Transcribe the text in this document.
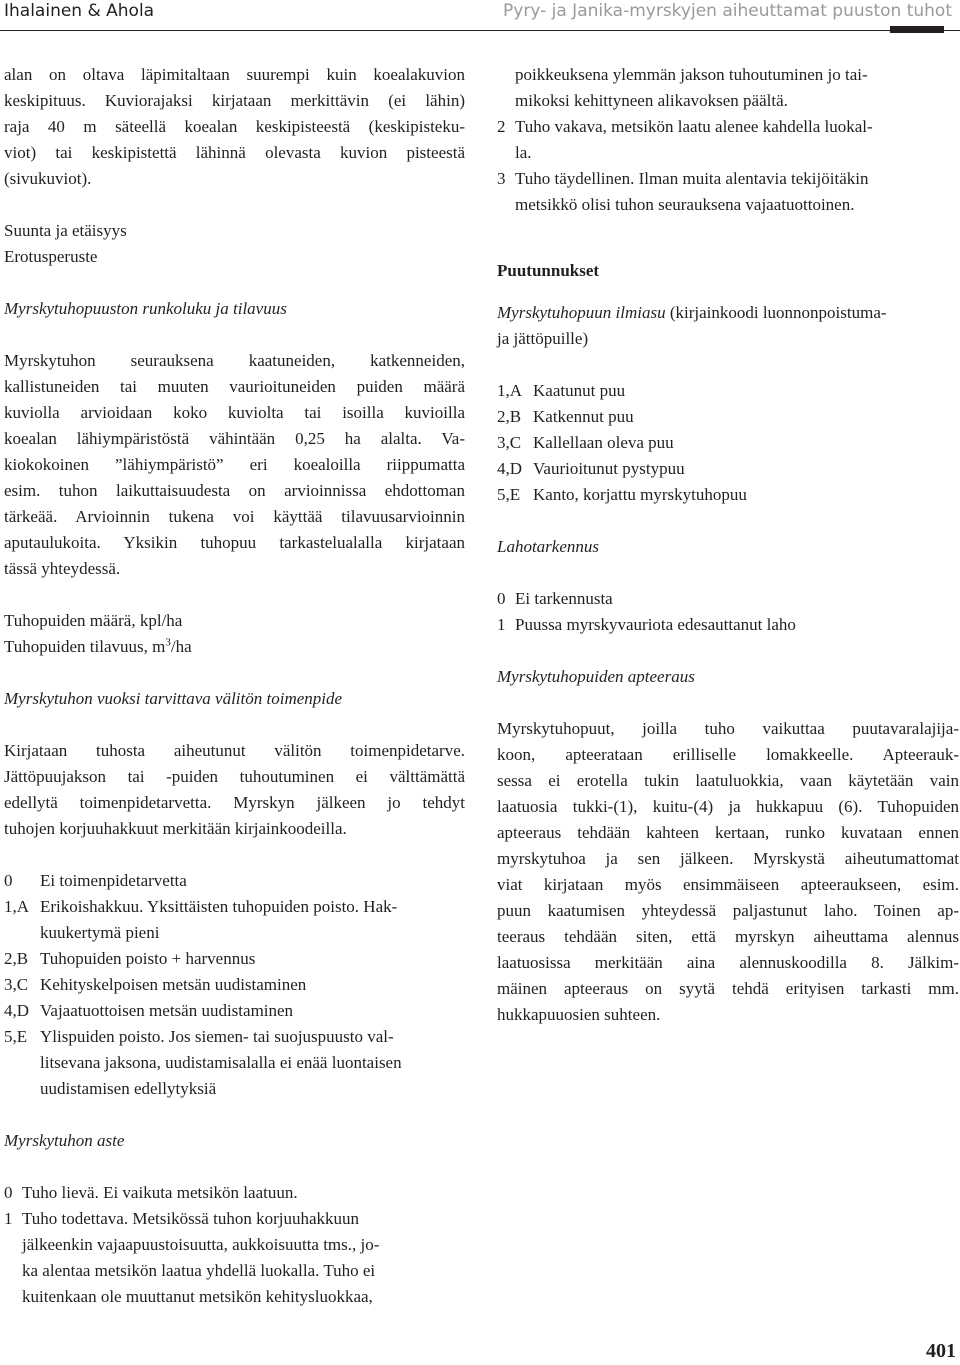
Ihalainen & Ahola	Pyry- ja Janika-myrskyjen aiheuttamat puuston tuhot

alan on oltava läpimitaltaan suurempi kuin koealakuvion

keskipituus. Kuviorajaksi kirjataan merkittävin (ei lähin)

raja 40 m säteellä koealan keskipisteestä (keskipisteku-

viot) tai keskipistettä lähinnä olevasta kuvion pisteestä

(sivukuviot).

Suunta ja etäisyys

Erotusperuste

Myrskytuhopuuston runkoluku ja tilavuus

Myrskytuhon seurauksena kaatuneiden, katkenneiden,

kallistuneiden tai muuten vaurioituneiden puiden määrä

kuviolla arvioidaan koko kuviolta tai isoilla kuvioilla

koealan lähiympäristöstä vähintään 0,25 ha alalta. Va-

kiokokoinen ”lähiympäristö” eri koealoilla riippumatta

esim. tuhon laikuttaisuudesta on arvioinnissa ehdottoman

tärkeää. Arvioinnin tukena voi käyttää tilavuusarvioinnin

aputaulukoita. Yksikin tuhopuu tarkastelualalla kirjataan

tässä yhteydessä.

Tuhopuiden määrä, kpl/ha

Tuhopuiden tilavuus, $m^3/ha$

Myrskytuhon vuoksi tarvittava välitön toimenpide

Kirjataan tuhosta aiheutunut välitön toimenpidetarve.

Jättöpuujakson tai -puiden tuhoutuminen ei välttämättä

edellytä toimenpidetarvetta. Myrskyn jälkeen jo tehdyt

tuhojen korjuuhakkuut merkitään kirjainkoodeilla.

0 Ei toimenpidetarvetta

1,A Erikoishakkuu. Yksittäisten tuhopuiden poisto. Hak-
kuukertymä pieni

2,B Tuhopuiden poisto + harvennus

3,C Kehityskelpoisen metsän uudistaminen

4,D Vajaatuottoisen metsän uudistaminen

5,E Ylispuiden poisto. Jos siemen- tai suojuspuusto val-
litsevana jaksona, uudistamisalalla ei enää luontaisen
uudistamisen edellytyksiä

Myrskytuhon aste

0 Tuho lievä. Ei vaikuta metsikön laatuun.

1 Tuho todettava. Metsikössä tuhon korjuuhakkuun
jälkeenkin vajaapuustoisuutta, aukkoisuutta tms., jo-
ka alentaa metsikön laatua yhdellä luokalla. Tuho ei
kuitenkaan ole muuttanut metsikön kehitysluokkaa,

poikkeuksena ylemmän jakson tuhoutuminen jo tai-

mikoksi kehittyneen alikavoksen päältä.

2 Tuho vakava, metsikön laatu alenee kahdella luokal-
la.

3 Tuho täydellinen. Ilman muita alentavia tekijöitäkin
metsikkö olisi tuhon seurauksena vajaatuottoinen.

Puutunnukset

Myrskytuhopuun ilmiasu (kirjainkoodi luonnonpoistuma-
ja jättöpuille)

1,A Kaatunut puu

2,B Katkennut puu

3,C Kallellaan oleva puu

4,D Vaurioitunut pystypuu

5,E Kanto, korjattu myrskytuhopuu

Lahotarkennus

0 Ei tarkennusta

1 Puussa myrskyvauriota edesauttanut laho

Myrskytuhopuiden apteeraus

Myrskytuhopuut, joilla tuho vaikuttaa puutavaralajija-

koon, apteerataan erilliselle lomakkeelle. Apteerauk-

sessa ei erotella tukin laatuluokkia, vaan käytetään vain

laatuosia tukki-(1), kuitu-(4) ja hukkapuu (6). Tuhopuiden

apteeraus tehdään kahteen kertaan, runko kuvataan ennen

myrskytuhoa ja sen jälkeen. Myrskystä aiheutumattomat

viat kirjataan myös ensimmäiseen apteeraukseen, esim.

puun kaatumisen yhteydessä paljastunut laho. Toinen ap-

teeraus tehdään siten, että myrskyn aiheuttama alennus

laatuosissa merkitään aina alennuskoodilla 8. Jälkim-

mäinen apteeraus on syytä tehdä erityisen tarkasti mm.

hukkapuuosien suhteen.

401
